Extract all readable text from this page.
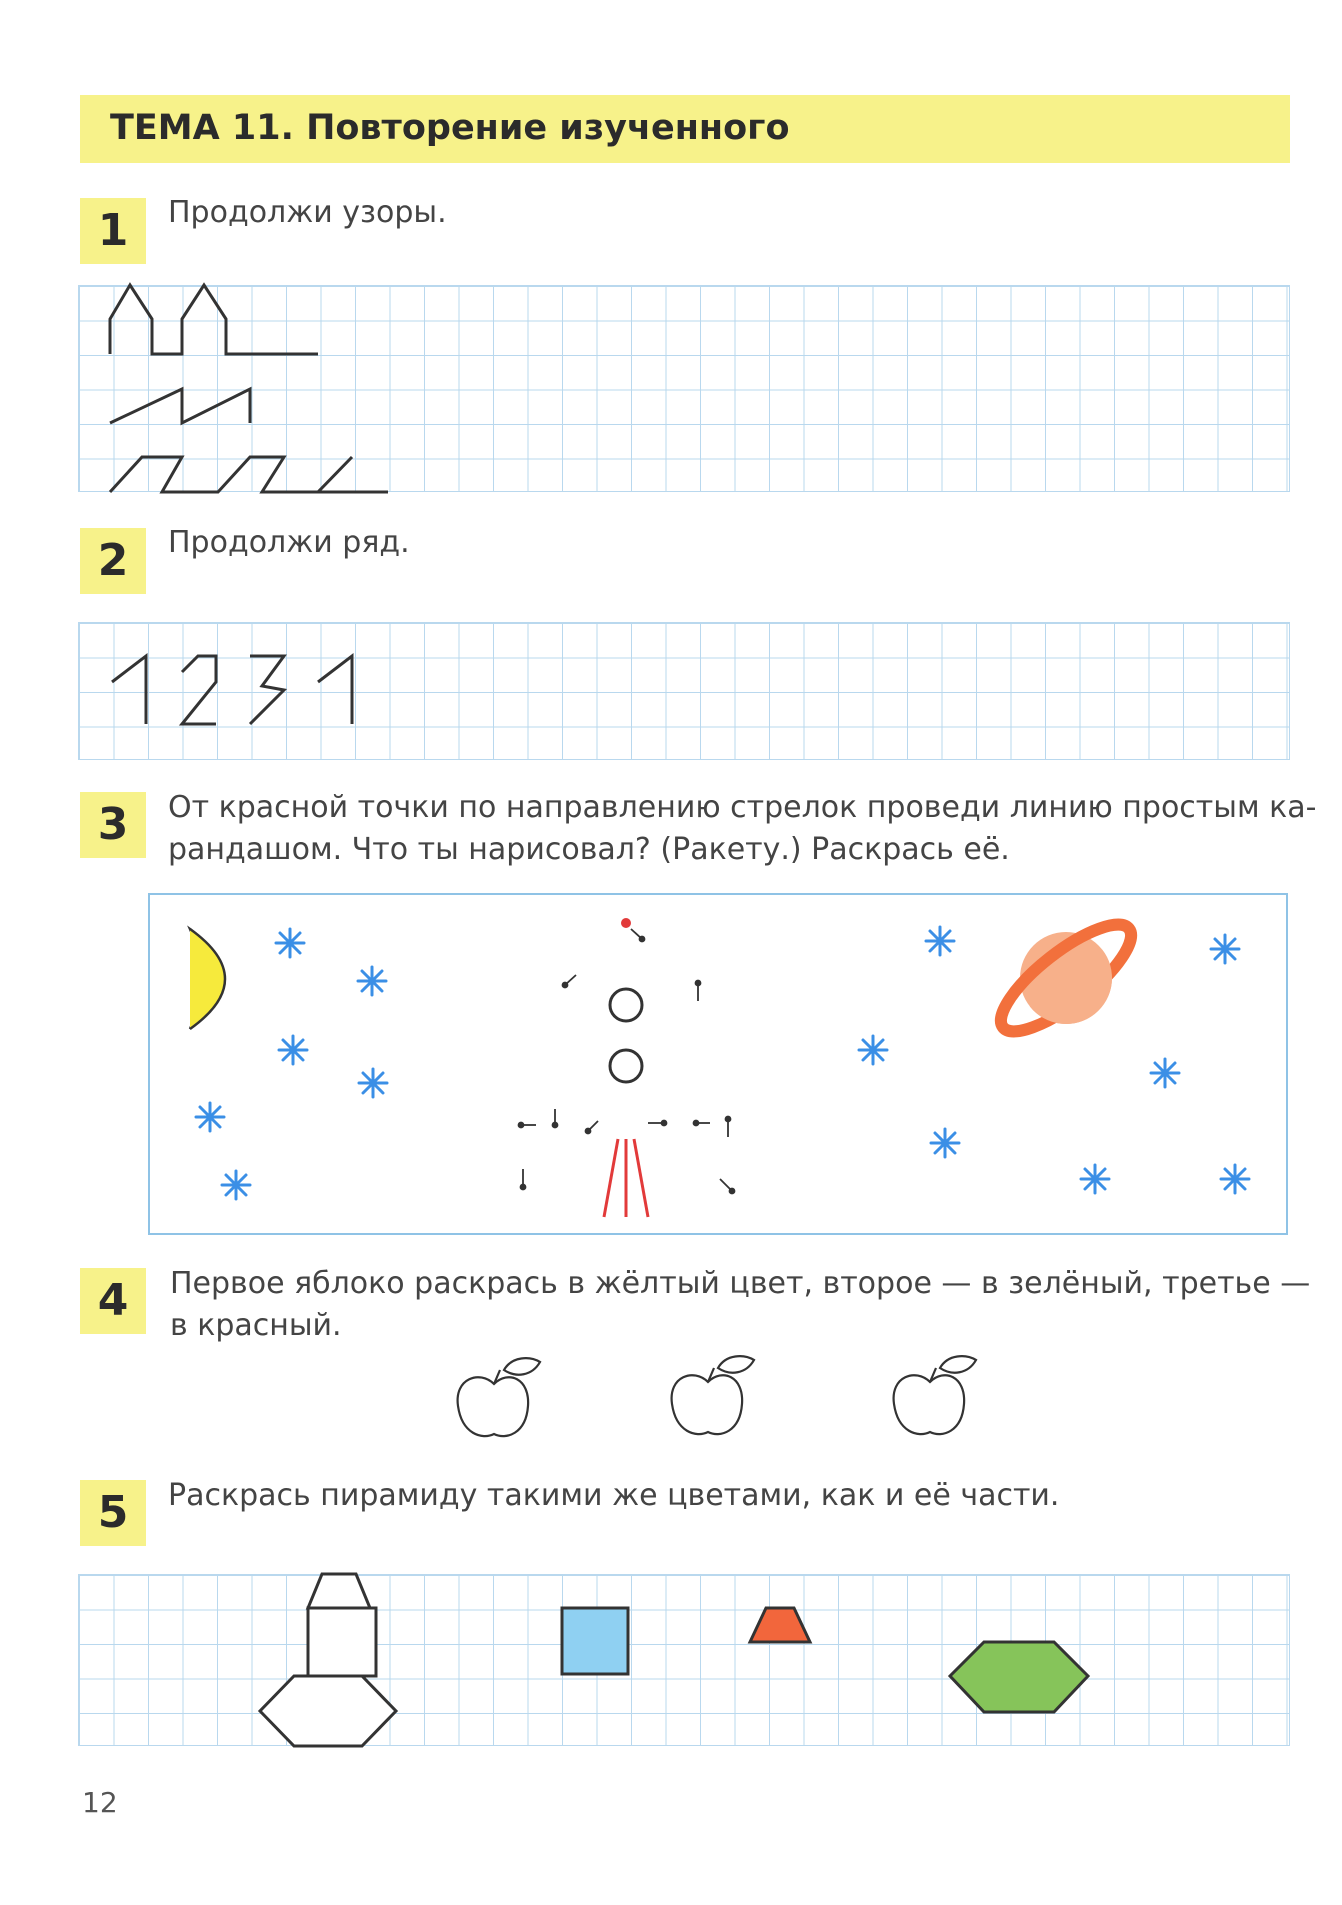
ТЕМА 11. Повторение изученного
1	Продолжи узоры.
2	Продолжи ряд.
3	От красной точки по направлению стрелок проведи линию простым ка-
рандашом. Что ты нарисовал? (Ракету.) Раскрась её.
4	Первое яблоко раскрась в жёлтый цвет, второе — в зелёный, третье —
в красный.
5	Раскрась пирамиду такими же цветами, как и её части.
12
